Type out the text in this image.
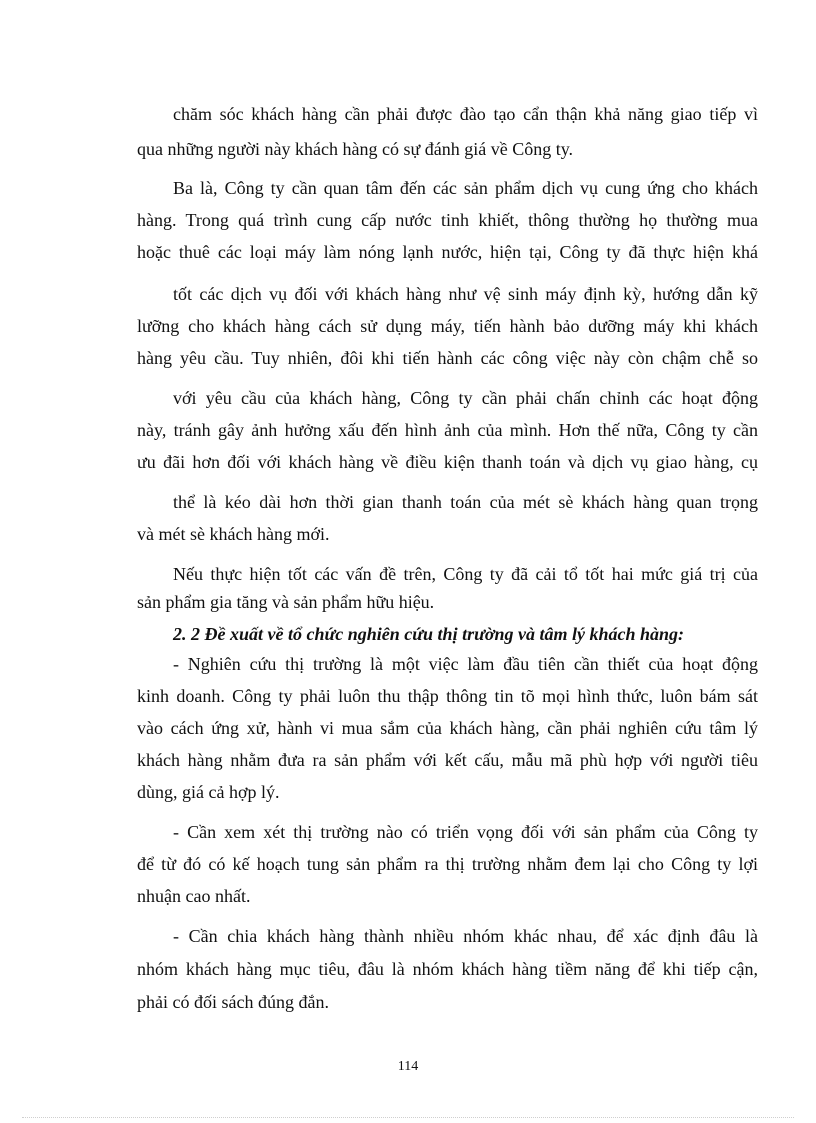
chăm sóc khách hàng cần phải được đào tạo cẩn thận khả năng giao tiếp vì
qua những người này khách hàng có sự đánh giá về Công ty.
Ba là, Công ty cần quan tâm đến các sản phẩm dịch vụ cung ứng cho khách
hàng. Trong quá trình cung cấp nước tinh khiết, thông thường họ thường mua
hoặc thuê các loại máy làm nóng lạnh nước, hiện tại, Công ty đã thực hiện khá
tốt các dịch vụ đối với khách hàng như vệ sinh máy định kỳ, hướng dẫn kỹ
lưỡng cho khách hàng cách sử dụng máy, tiến hành bảo dưỡng máy khi khách
hàng yêu cầu. Tuy nhiên, đôi khi tiến hành các công việc này còn chậm chễ so
với yêu cầu của khách hàng, Công ty cần phải chấn chỉnh các hoạt động
này, tránh gây ảnh hưởng xấu đến hình ảnh của mình. Hơn thế nữa, Công ty cần
ưu đãi hơn đối với khách hàng về điều kiện thanh toán và dịch vụ giao hàng, cụ
thể là kéo dài hơn thời gian thanh toán của mét sè khách hàng quan trọng
và mét sè khách hàng mới.
Nếu thực hiện tốt các vấn đề trên, Công ty đã cải tổ tốt hai mức giá trị của
sản phẩm gia tăng và sản phẩm hữu hiệu.
2. 2 Đề xuất về tổ chức nghiên cứu thị trường và tâm lý khách hàng:
- Nghiên cứu thị trường là một việc làm đầu tiên cần thiết của hoạt động
kinh doanh. Công ty phải luôn thu thập thông tin tõ mọi hình thức, luôn bám sát
vào cách ứng xử, hành vi mua sắm của khách hàng, cần phải nghiên cứu tâm lý
khách hàng nhằm đưa ra sản phẩm với kết cấu, mẫu mã phù hợp với người tiêu
dùng, giá cả hợp lý.
- Cần xem xét thị trường nào có triển vọng đối với sản phẩm của Công ty
để từ đó có kế hoạch tung sản phẩm ra thị trường nhằm đem lại cho Công ty lợi
nhuận cao nhất.
- Cần chia khách hàng thành nhiều nhóm khác nhau, để xác định đâu là
nhóm khách hàng mục tiêu, đâu là nhóm khách hàng tiềm năng để khi tiếp cận,
phải có đối sách đúng đắn.
114
